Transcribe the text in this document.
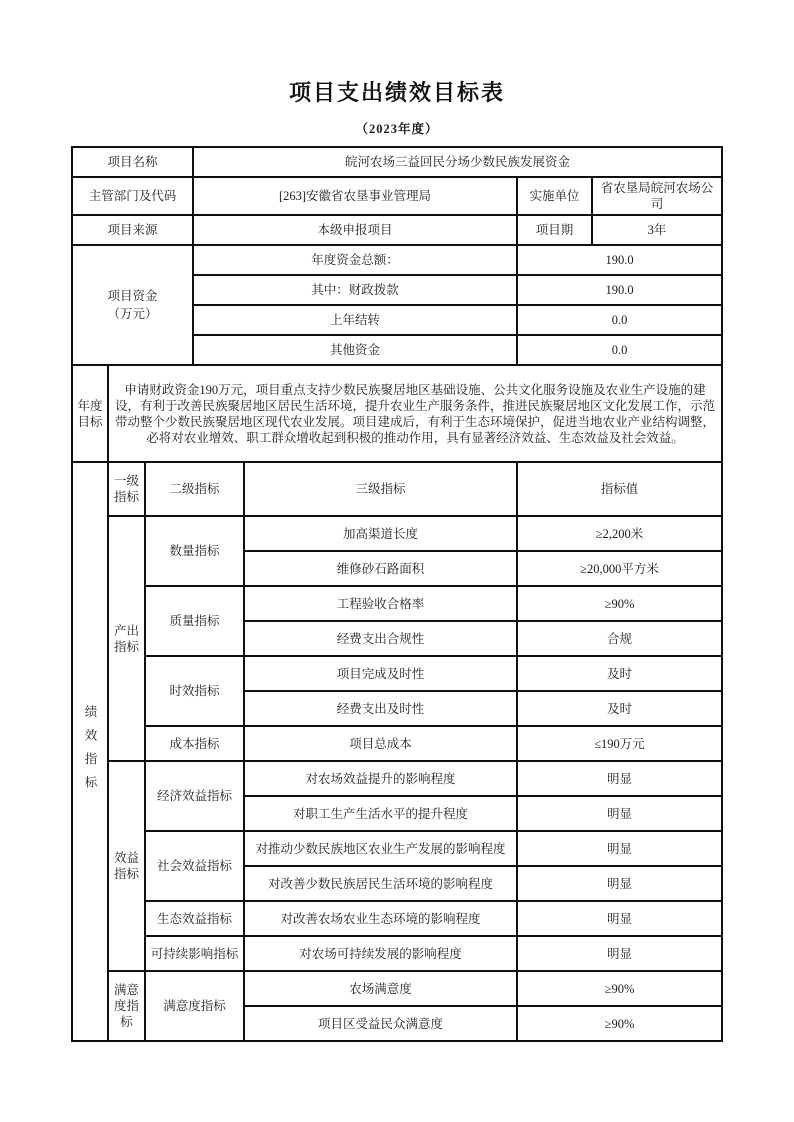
项目支出绩效目标表
（2023年度）
项目名称			皖河农场三益回民分场少数民族发展资金			
主管部门及代码			[263]安徽省农垦事业管理局		实施单位	省农垦局皖河农场公司
项目来源			本级申报项目		项目期	3年

项目资金
（万元）			年度资金总额：		190.0	
			其中：财政拨款		190.0	
			上年结转		0.0	
			其他资金		0.0	
年度目标	申请财政资金190万元，项目重点支持少数民族聚居地区基础设施、公共文化服务设施及农业生产设施的建设，有利于改善民族聚居地区居民生活环境，提升农业生产服务条件，推进民族聚居地区文化发展工作，示范带动整个少数民族聚居地区现代农业发展。项目建成后，有利于生态环境保护，促进当地农业产业结构调整，必将对农业增效、职工群众增收起到积极的推动作用，具有显著经济效益、生态效益及社会效益。					
绩效指标	一级指标	二级指标		三级指标	指标值	
	产出指标	数量指标		加高渠道长度	≥2,200米	
				维修砂石路面积	≥20,000平方米	
		质量指标		工程验收合格率	≥90%	
				经费支出合规性	合规	
		时效指标		项目完成及时性	及时	
				经费支出及时性	及时	
		成本指标		项目总成本	≤190万元	
	效益指标	经济效益指标		对农场效益提升的影响程度	明显	
				对职工生产生活水平的提升程度	明显	
		社会效益指标		对推动少数民族地区农业生产发展的影响程度	明显	
				对改善少数民族居民生活环境的影响程度	明显	
		生态效益指标		对改善农场农业生态环境的影响程度	明显	
		可持续影响指标		对农场可持续发展的影响程度	明显	
	满意度指标	满意度指标		农场满意度	≥90%	
				项目区受益民众满意度	≥90%	
